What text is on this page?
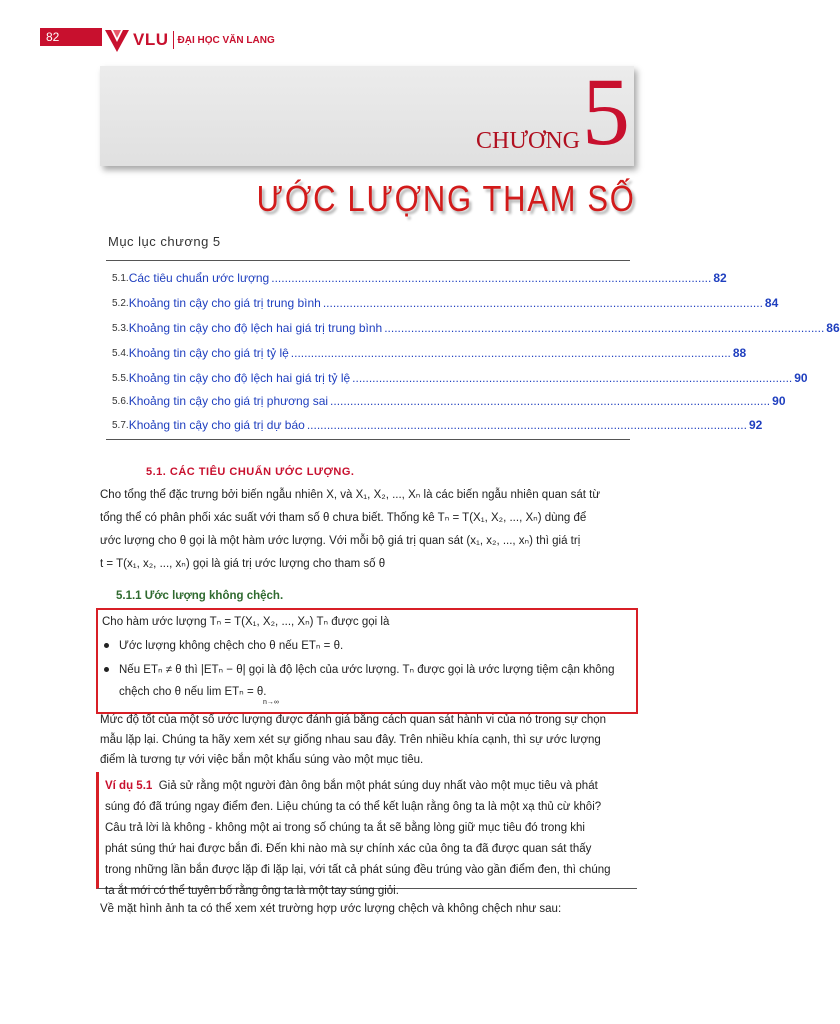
82	VLU ĐẠI HỌC VĂN LANG
CHƯƠNG 5
ƯỚC LƯỢNG THAM SỐ
Mục lục chương 5
5.1. Các tiêu chuẩn ước lượng .................................................................................................................................... 82
5.2. Khoảng tin cậy cho giá trị trung bình .................................................................................................................................... 84
5.3. Khoảng tin cậy cho độ lệch hai giá trị trung bình .................................................................................................................................... 86
5.4. Khoảng tin cậy cho giá trị tỷ lệ .................................................................................................................................... 88
5.5. Khoảng tin cậy cho độ lệch hai giá trị tỷ lệ .................................................................................................................................... 90
5.6. Khoảng tin cậy cho giá trị phương sai .................................................................................................................................... 90
5.7. Khoảng tin cậy cho giá trị dự báo .................................................................................................................................... 92
5.1. CÁC TIÊU CHUẨN ƯỚC LƯỢNG.
Cho tổng thể đặc trưng bởi biến ngẫu nhiên X, và X₁, X₂, ..., Xₙ là các biến ngẫu nhiên quan sát từ
tổng thể có phân phối xác suất với tham số θ chưa biết. Thống kê Tₙ = T(X₁, X₂, ..., Xₙ) dùng để
ước lượng cho θ gọi là một hàm ước lượng. Với mỗi bộ giá trị quan sát (x₁, x₂, ..., xₙ) thì giá trị
t = T(x₁, x₂, ..., xₙ) gọi là giá trị ước lượng cho tham số θ
5.1.1 Ước lượng không chệch.
Cho hàm ước lượng Tₙ = T(X₁, X₂, ..., Xₙ) Tₙ được gọi là
Ước lượng không chệch cho θ nếu ETₙ = θ.
Nếu ETₙ ≠ θ thì |ETₙ − θ| gọi là độ lệch của ước lượng. Tₙ được gọi là ước lượng tiệm cận không
chệch cho θ nếu lim ETₙ = θ.
n→∞
Mức độ tốt của một số ước lượng được đánh giá bằng cách quan sát hành vi của nó trong sự chọn
mẫu lặp lại. Chúng ta hãy xem xét sự giống nhau sau đây. Trên nhiều khía cạnh, thì sự ước lượng
điểm là tương tự với việc bắn một khẩu súng vào một mục tiêu.
Ví dụ 5.1 Giả sử rằng một người đàn ông bắn một phát súng duy nhất vào một mục tiêu và phát
súng đó đã trúng ngay điểm đen. Liệu chúng ta có thể kết luận rằng ông ta là một xạ thủ cừ khôi?
Câu trả lời là không - không một ai trong số chúng ta ắt sẽ bằng lòng giữ mục tiêu đó trong khi
phát súng thứ hai được bắn đi. Đến khi nào mà sự chính xác của ông ta đã được quan sát thấy
trong những lần bắn được lặp đi lặp lại, với tất cả phát súng đều trúng vào gần điểm đen, thì chúng
ta ắt mới có thể tuyên bố rằng ông ta là một tay súng giỏi.
Về mặt hình ảnh ta có thể xem xét trường hợp ước lượng chệch và không chệch như sau:
